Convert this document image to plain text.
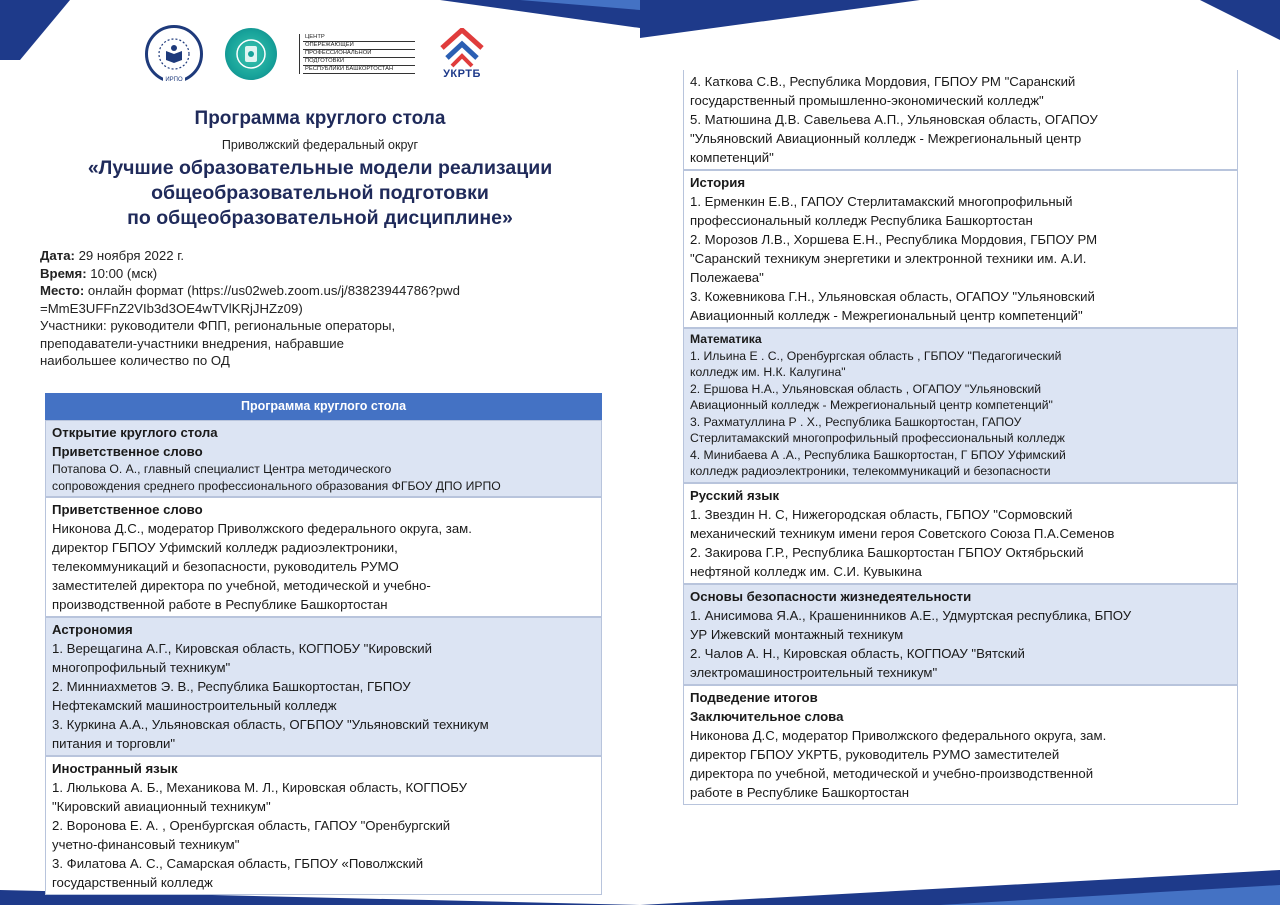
ИРПО
ЦЕНТР
ОПЕРЕЖАЮЩЕЙ
ПРОФЕССИОНАЛЬНОЙ
ПОДГОТОВКИ
РЕСПУБЛИКИ БАШКОРТОСТАН	УКРТБ
Программа круглого стола
Приволжский федеральный округ
«Лучшие образовательные модели реализации
общеобразовательной подготовки
по общеобразовательной дисциплине»
Дата: 29 ноября 2022 г.
Время: 10:00 (мск)
Место: онлайн формат (https://us02web.zoom.us/j/83823944786?pwd
=MmE3UFFnZ2VIb3d3OE4wTVlKRjJHZz09)
Участники: руководители ФПП, региональные операторы,
преподаватели-участники внедрения, набравшие
наибольшее количество по ОД
Программа круглого стола
Открытие круглого стола
Приветственное слово
Потапова О. А., главный специалист Центра методического
сопровождения среднего профессионального образования ФГБОУ ДПО ИРПО
Приветственное слово
Никонова Д.С., модератор Приволжского федерального округа, зам.
директор ГБПОУ Уфимский колледж радиоэлектроники,
телекоммуникаций и безопасности, руководитель РУМО
заместителей директора по учебной, методической и учебно-
производственной работе в Республике Башкортостан
Астрономия
1. Верещагина А.Г., Кировская область, КОГПОБУ "Кировский
многопрофильный техникум"
2. Минниахметов Э. В., Республика Башкортостан, ГБПОУ
Нефтекамский машиностроительный колледж
3. Куркина А.А., Ульяновская область, ОГБПОУ "Ульяновский техникум
питания и торговли"
Иностранный язык
1. Люлькова А. Б., Механикова М. Л., Кировская область, КОГПОБУ
"Кировский авиационный техникум"
2. Воронова Е. А. , Оренбургская область, ГАПОУ "Оренбургский
учетно-финансовый техникум"
3. Филатова А. С., Самарская область, ГБПОУ «Поволжский
государственный колледж
4. Каткова С.В., Республика Мордовия, ГБПОУ РМ "Саранский
государственный промышленно-экономический колледж"
5. Матюшина Д.В. Савельева А.П., Ульяновская область, ОГАПОУ
"Ульяновский Авиационный колледж - Межрегиональный центр
компетенций"
История
1. Ерменкин Е.В., ГАПОУ Стерлитамакский многопрофильный
профессиональный колледж Республика Башкортостан
2. Морозов Л.В., Хоршева Е.Н., Республика Мордовия, ГБПОУ РМ
"Саранский техникум энергетики и электронной техники им. А.И.
Полежаева"
3. Кожевникова Г.Н., Ульяновская область, ОГАПОУ "Ульяновский
Авиационный колледж - Межрегиональный центр компетенций"
Математика
1. Ильина Е . С., Оренбургская область , ГБПОУ "Педагогический
колледж им. Н.К. Калугина"
2. Ершова Н.А., Ульяновская область , ОГАПОУ "Ульяновский
Авиационный колледж - Межрегиональный центр компетенций"
3. Рахматуллина Р . Х., Республика Башкортостан, ГАПОУ
Стерлитамакский многопрофильный профессиональный колледж
4. Минибаева А .А., Республика Башкортостан, Г БПОУ Уфимский
колледж радиоэлектроники, телекоммуникаций и безопасности
Русский язык
1. Звездин Н. С, Нижегородская область, ГБПОУ "Сормовский
механический техникум имени героя Советского Союза П.А.Семенов
2. Закирова Г.Р., Республика Башкортостан ГБПОУ Октябрьский
нефтяной колледж им. С.И. Кувыкина
Основы безопасности жизнедеятельности
1. Анисимова Я.А., Крашенинников А.Е., Удмуртская республика, БПОУ
УР Ижевский монтажный техникум
2. Чалов А. Н., Кировская область, КОГПОАУ "Вятский
электромашиностроительный техникум"
Подведение итогов
Заключительное слова
Никонова Д.С, модератор Приволжского федерального округа, зам.
директор ГБПОУ УКРТБ, руководитель РУМО заместителей
директора по учебной, методической и учебно-производственной
работе в Республике Башкортостан
